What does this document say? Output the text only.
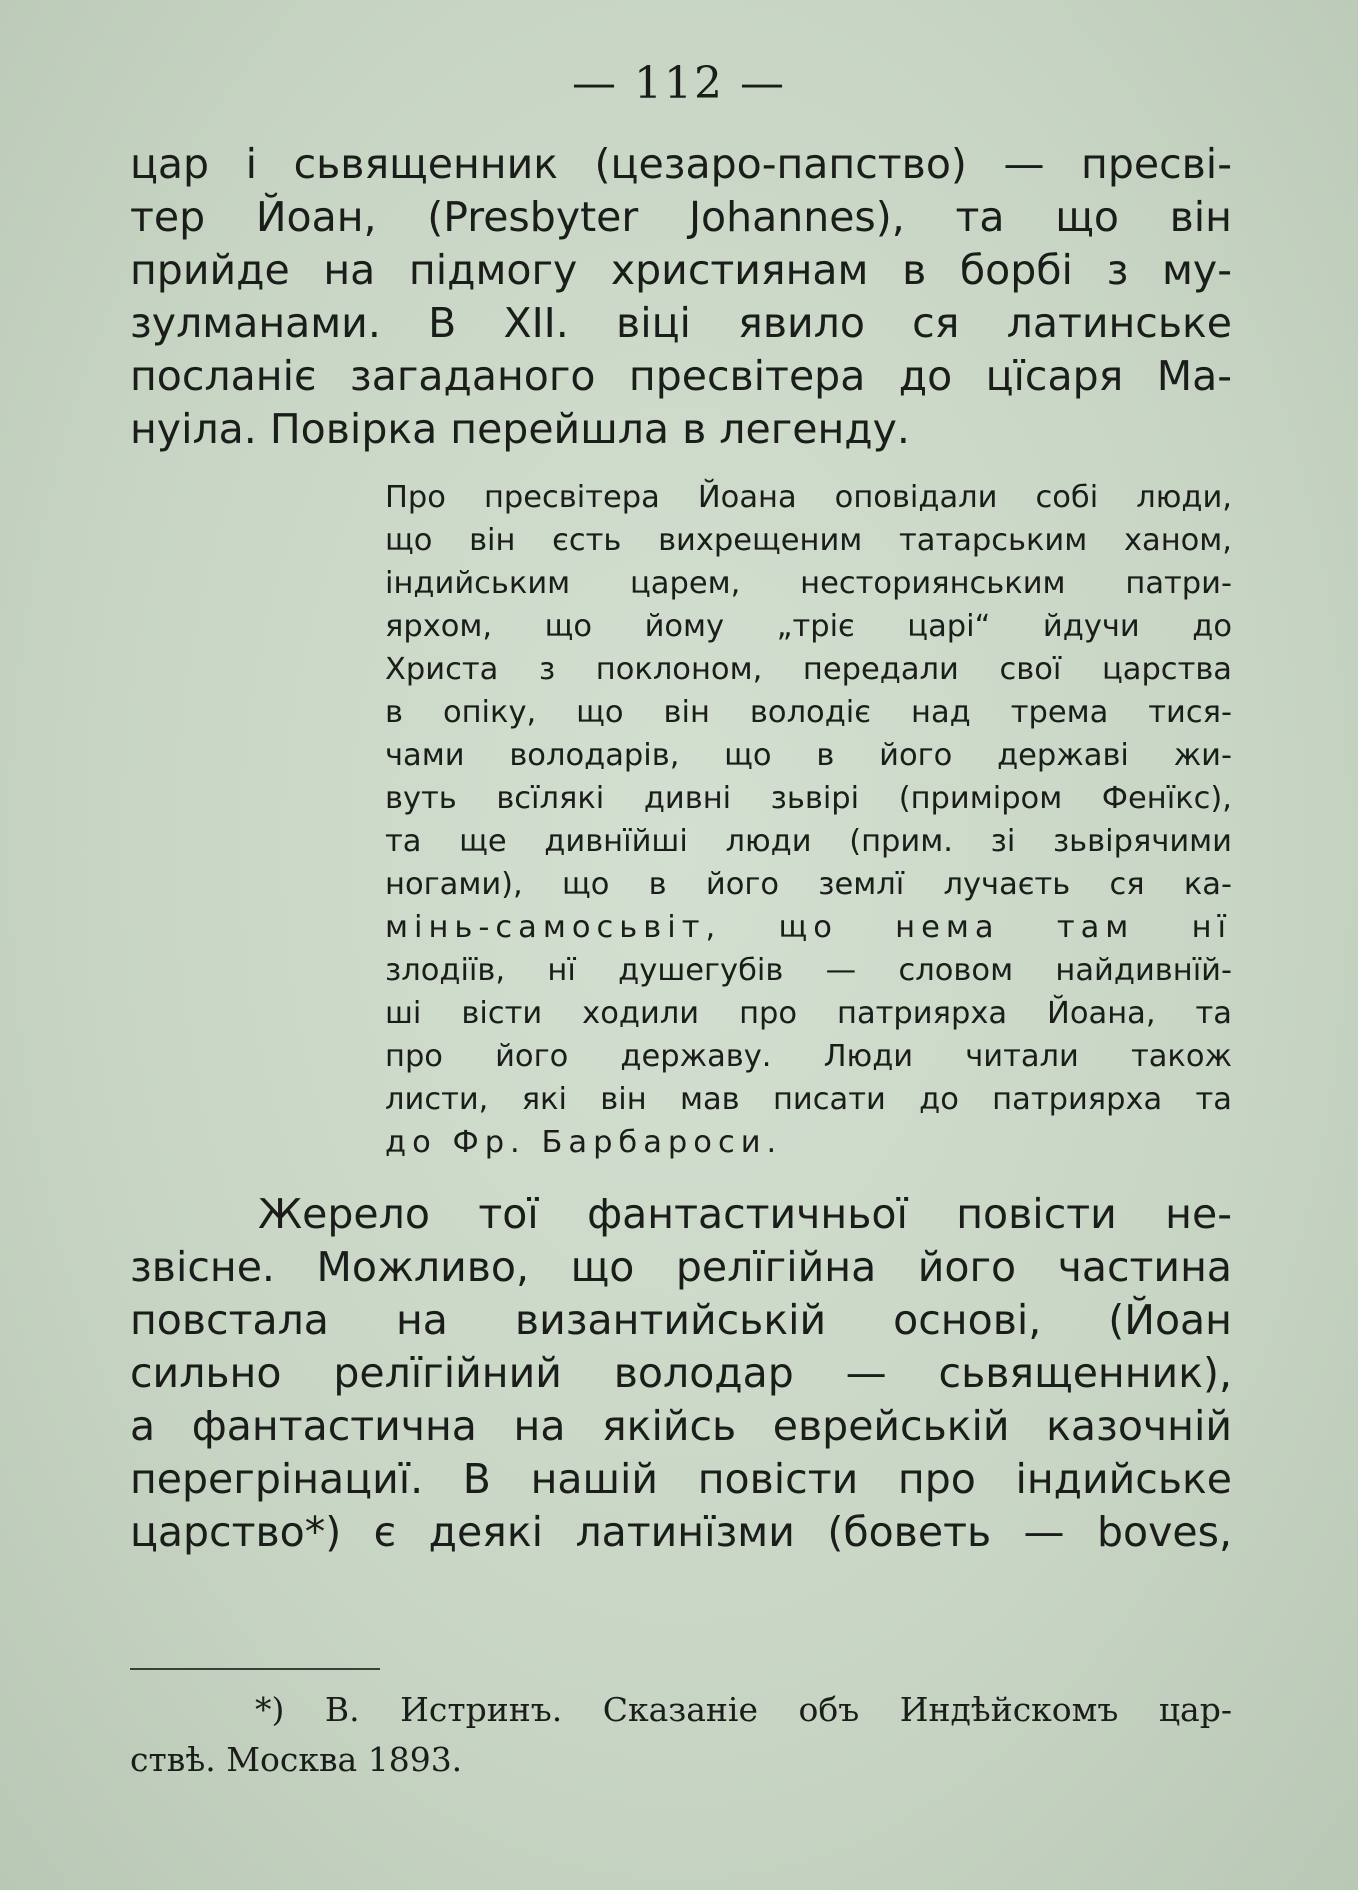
— 112 —
цар і сьвященник (цезаро-папство) — пресві-
тер Йоан, (Presbyter Johannes), та що він
прийде на підмогу християнам в борбі з му-
зулманами. В XII. віці явило ся латинське
посланіє загаданого пресвітера до цїсаря Ма-
нуіла. Повірка перейшла в легенду.
Про пресвітера Йоана оповідали собі люди,
що він єсть вихрещеним татарським ханом,
індийським царем, несториянським патри-
ярхом, що йому „тріє царі“ йдучи до
Христа з поклоном, передали свої царства
в опіку, що він володіє над трема тися-
чами володарів, що в його державі жи-
вуть всїлякі дивні зьвірі (приміром Фенїкс),
та ще дивнїйші люди (прим. зі зьвірячими
ногами), що в його землї лучаєть ся ка-
мінь-самосьвіт, що нема там нї
злодіїв, нї душегубів — словом найдивнїй-
ші вісти ходили про патриярха Йоана, та
про його державу. Люди читали також
листи, які він мав писати до патриярха та
до Фр. Барбароси.
Жерело тої фантастичньої повісти не-
звісне. Можливо, що релїгійна його частина
повстала на византийській основі, (Йоан
сильно релїгійний володар — сьвященник),
а фантастична на якійсь еврейській казочній
перегрінациї. В нашій повісти про індийське
царство*) є деякі латинїзми (боветь — boves,
*) В. Истринъ. Сказанiе объ Индѣйскомъ цар-
ствѣ. Москва 1893.
